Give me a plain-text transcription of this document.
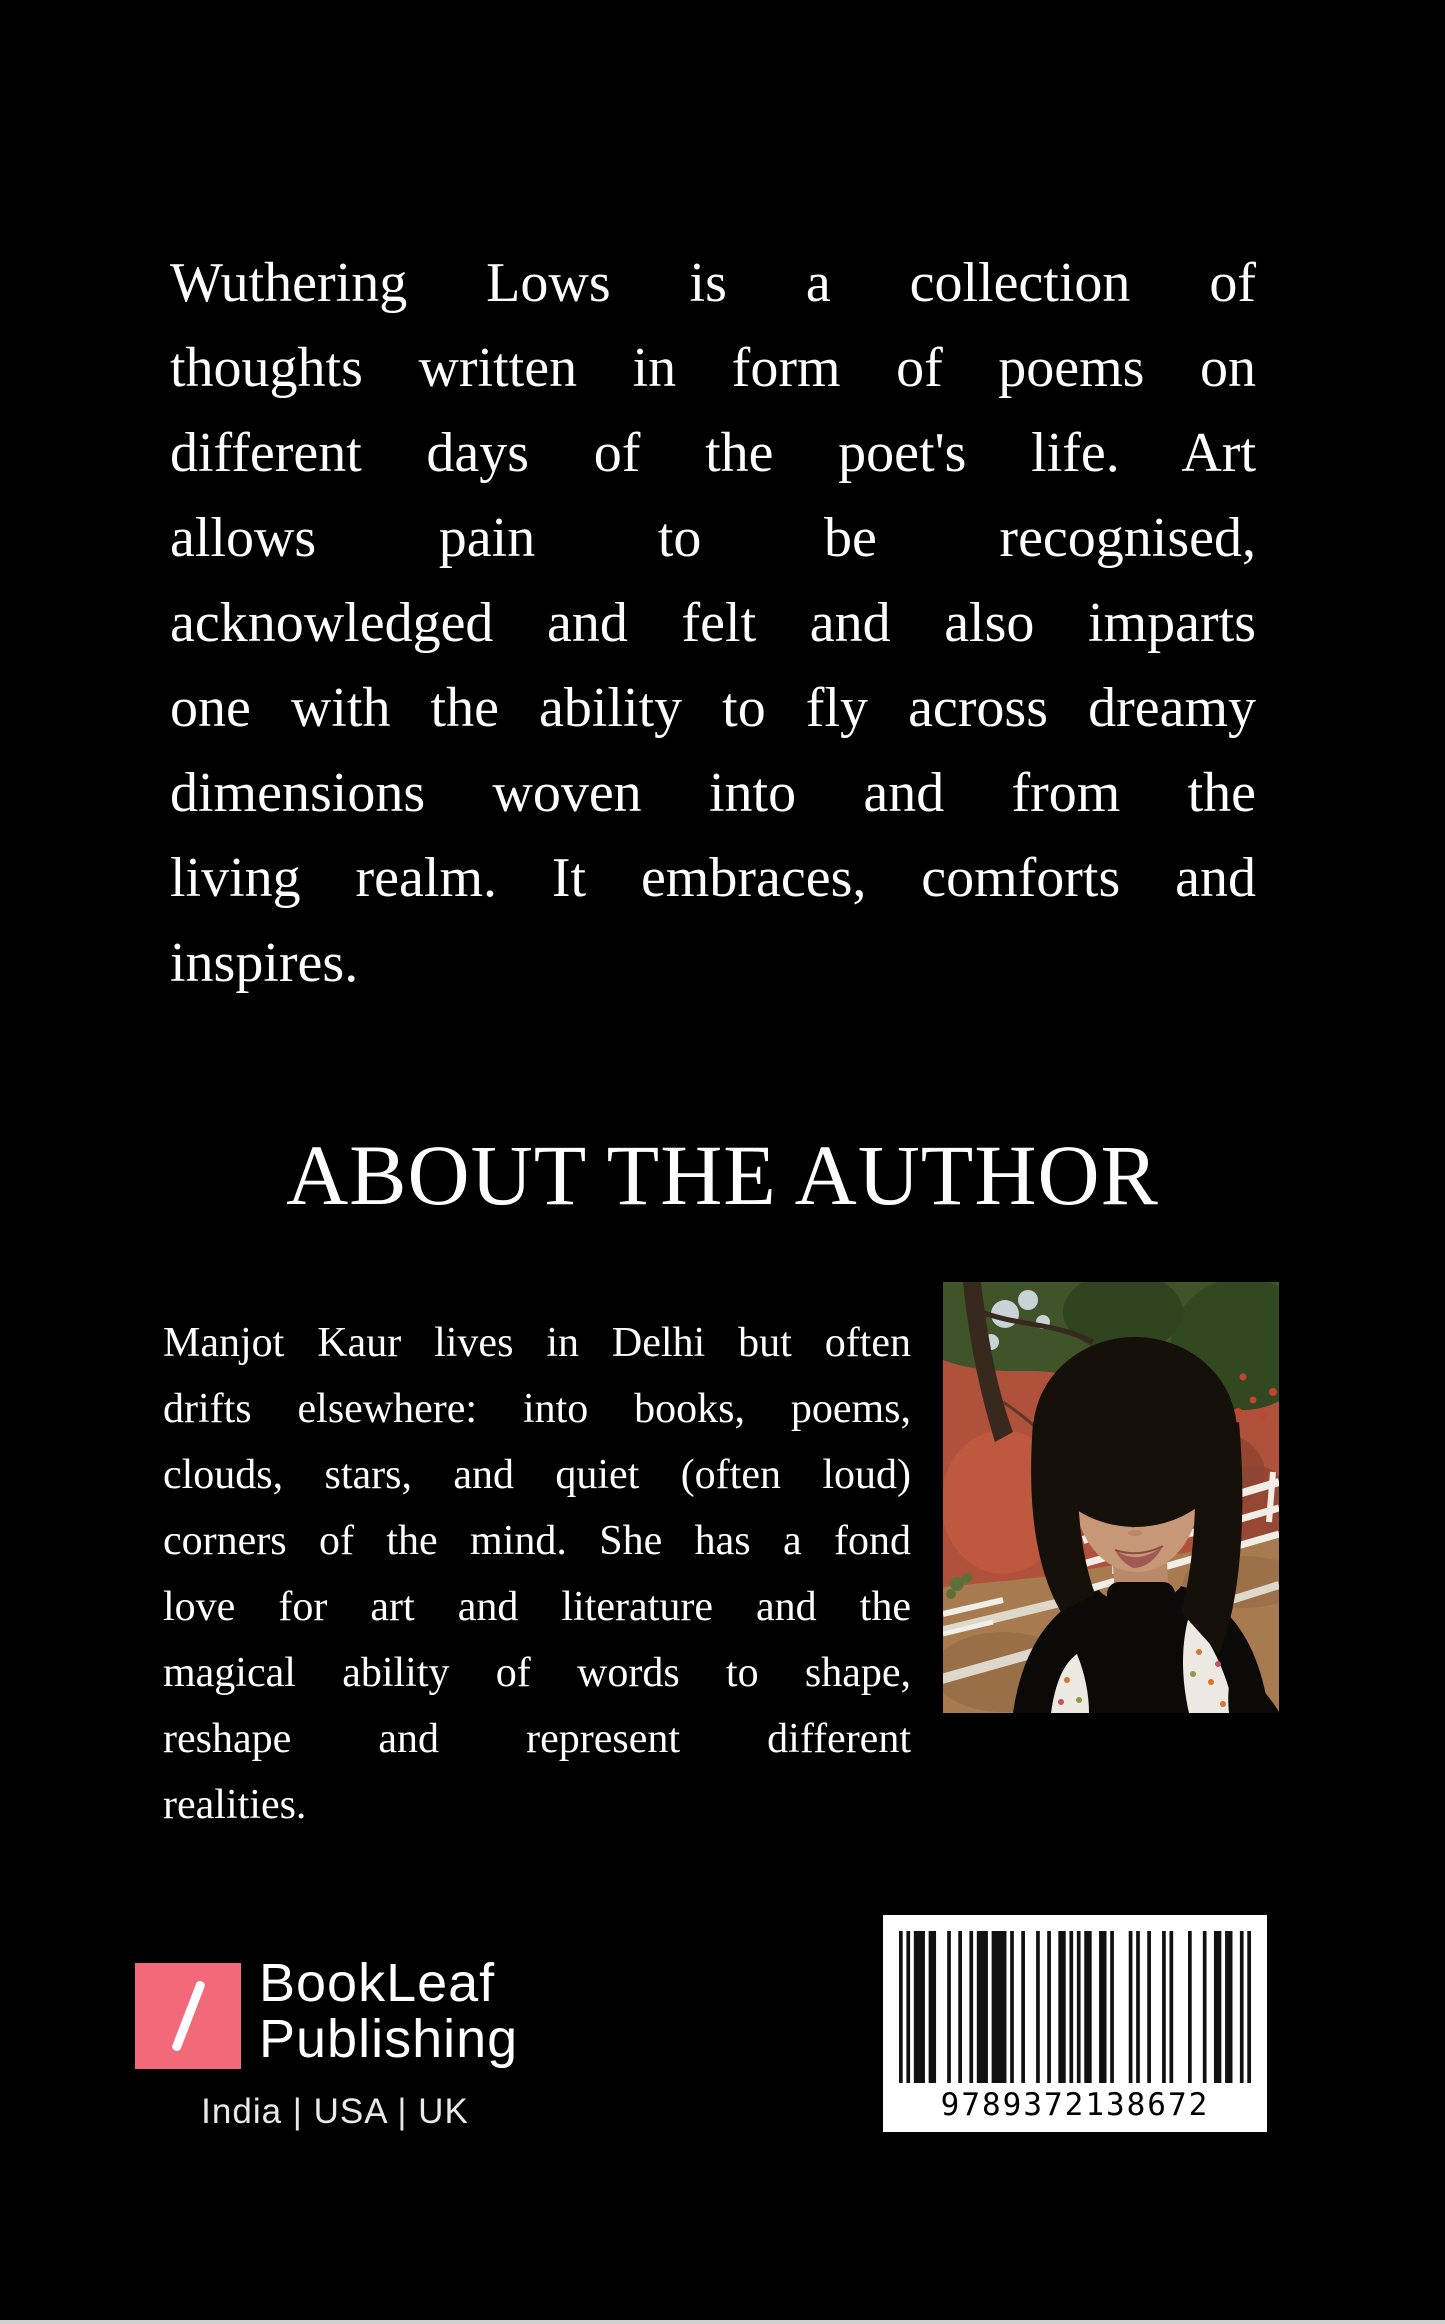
Wuthering Lows is a collection of
thoughts written in form of poems on
different days of the poet's life. Art
allows pain to be recognised,
acknowledged and felt and also imparts
one with the ability to fly across dreamy
dimensions woven into and from the
living realm. It embraces, comforts and
inspires.
ABOUT THE AUTHOR
Manjot Kaur lives in Delhi but often
drifts elsewhere: into books, poems,
clouds, stars, and quiet (often loud)
corners of the mind. She has a fond
love for art and literature and the
magical ability of words to shape,
reshape and represent different
realities.
BookLeaf
Publishing
India | USA | UK	9789372138672
